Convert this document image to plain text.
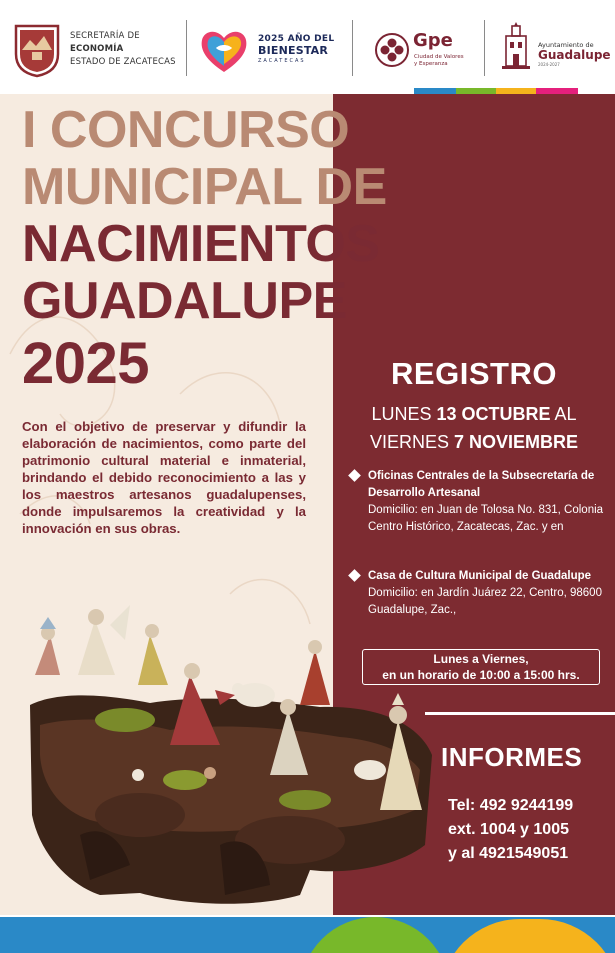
SECRETARÍA DE
ECONOMÍA
ESTADO DE ZACATECAS
2025 AÑO DEL
BIENESTAR
ZACATECAS
Gpe
Ciudad de Valores
y Esperanza
Ayuntamiento de
Guadalupe
2024-2027
I CONCURSO
MUNICIPAL DE
NACIMIENTOS
GUADALUPE
2025
Con el objetivo de preservar y difundir la elaboración de nacimientos, como parte del patrimonio cultural material e inmaterial, brindando el debido reconocimiento a las y los maestros artesanos guadalupenses, donde impulsaremos la creatividad y la innovación en sus obras.
REGISTRO
LUNES 13 OCTUBRE AL
VIERNES 7 NOVIEMBRE
Oficinas Centrales de la Subsecretaría de Desarrollo Artesanal
Domicilio: en Juan de Tolosa No. 831, Colonia Centro Histórico, Zacatecas, Zac. y en
Casa de Cultura Municipal de Guadalupe
Domicilio: en Jardín Juárez 22, Centro, 98600 Guadalupe, Zac.,
Lunes a Viernes,
en un horario de 10:00 a 15:00 hrs.
INFORMES
Tel: 492 9244199
ext. 1004 y 1005
y al 4921549051
